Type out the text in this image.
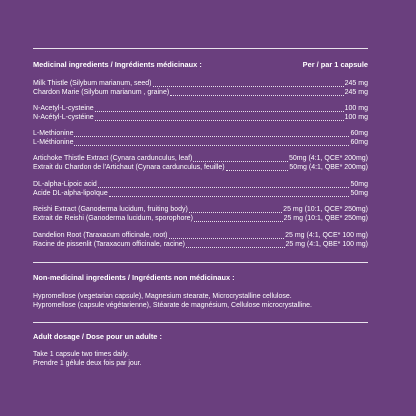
Medicinal ingredients / Ingrédients médicinaux :	Per / par 1 capsule
Milk Thistle (Silybum marianum, seed)	245 mg
Chardon Marie (Silybum marianum , graine)	245 mg
N-Acetyl-L-cysteine	100 mg
N-Acétyl-L-cystéine	100 mg
L-Methionine	60mg
L-Méthionine	60mg
Artichoke Thistle Extract (Cynara cardunculus, leaf)	50mg (4:1, QCE* 200mg)
Extrait du Chardon de l'Artichaut (Cynara cardunculus, feuille)	50mg (4:1, QBE* 200mg)
DL-alpha-Lipoic acid	50mg
Acide DL-alpha-lipoïque	50mg
Reishi Extract (Ganoderma lucidum, fruiting body)	25 mg (10:1, QCE* 250mg)
Extrait de Reishi (Ganoderma lucidum, sporophore)	25 mg (10:1, QBE* 250mg)
Dandelion Root (Taraxacum officinale, root)	25 mg (4:1, QCE* 100 mg)
Racine de pissenlit (Taraxacum officinale, racine)	25 mg (4:1, QBE* 100 mg)
Non-medicinal ingredients / Ingrédients non médicinaux :
Hypromellose (vegetarian capsule), Magnesium stearate, Microcrystalline cellulose.
Hypromellose (capsule végétarienne), Stéarate de magnésium, Cellulose microcrystalline.
Adult dosage / Dose pour un adulte :
Take 1 capsule two times daily.
Prendre 1 gélule deux fois par jour.
